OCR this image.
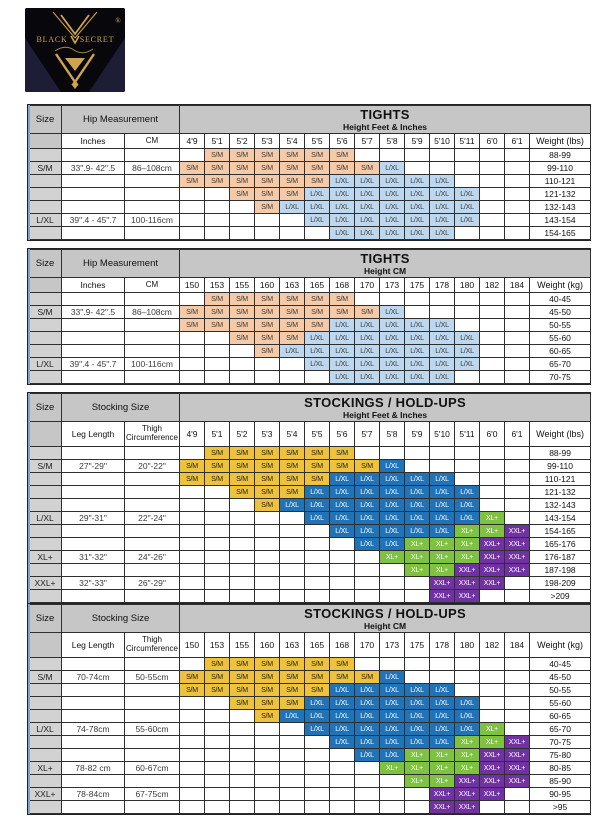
BLACK SECRET
®
Size	Hip Measurement		TIGHTS
Height Feet & Inches														

	Inches	CM	4'9	5'1	5'2	5'3	5'4	5'5	5'6	5'7	5'8	5'9	5'10	5'11	6'0	6'1	Weight (lbs)
				S/M	S/M	S/M	S/M	S/M	S/M								88-99
S/M	33".9- 42".5	86–108cm	S/M	S/M	S/M	S/M	S/M	S/M	S/M	S/M	L/XL						99-110
			S/M	S/M	S/M	S/M	S/M	S/M	L/XL	L/XL	L/XL	L/XL	L/XL				110-121
					S/M	S/M	S/M	L/XL	L/XL	L/XL	L/XL	L/XL	L/XL	L/XL			121-132
						S/M	L/XL	L/XL	L/XL	L/XL	L/XL	L/XL	L/XL	L/XL			132-143
L/XL	39".4 - 45".7	100-116cm						L/XL	L/XL	L/XL	L/XL	L/XL	L/XL	L/XL			143-154
									L/XL	L/XL	L/XL	L/XL	L/XL				154-165
Size	Hip Measurement		TIGHTS
Height CM														

	Inches	CM	150	153	155	160	163	165	168	170	173	175	178	180	182	184	Weight (kg)
				S/M	S/M	S/M	S/M	S/M	S/M								40-45
S/M	33".9- 42".5	86–108cm	S/M	S/M	S/M	S/M	S/M	S/M	S/M	S/M	L/XL						45-50
			S/M	S/M	S/M	S/M	S/M	S/M	L/XL	L/XL	L/XL	L/XL	L/XL				50-55
					S/M	S/M	S/M	L/XL	L/XL	L/XL	L/XL	L/XL	L/XL	L/XL			55-60
						S/M	L/XL	L/XL	L/XL	L/XL	L/XL	L/XL	L/XL	L/XL			60-65
L/XL	39".4 - 45".7	100-116cm						L/XL	L/XL	L/XL	L/XL	L/XL	L/XL	L/XL			65-70
									L/XL	L/XL	L/XL	L/XL	L/XL				70-75
Size	Stocking Size		STOCKINGS / HOLD-UPS
Height Feet & Inches														

	Leg Length	Thigh Circumference	4'9	5'1	5'2	5'3	5'4	5'5	5'6	5'7	5'8	5'9	5'10	5'11	6'0	6'1	Weight (lbs)
				S/M	S/M	S/M	S/M	S/M	S/M								88-99
S/M	27"-29"	20"-22"	S/M	S/M	S/M	S/M	S/M	S/M	S/M	S/M	L/XL						99-110
			S/M	S/M	S/M	S/M	S/M	S/M	L/XL	L/XL	L/XL	L/XL	L/XL				110-121
					S/M	S/M	S/M	L/XL	L/XL	L/XL	L/XL	L/XL	L/XL	L/XL			121-132
						S/M	L/XL	L/XL	L/XL	L/XL	L/XL	L/XL	L/XL	L/XL			132-143
L/XL	29"-31"	22"-24"						L/XL	L/XL	L/XL	L/XL	L/XL	L/XL	L/XL	XL+		143-154
									L/XL	L/XL	L/XL	L/XL	L/XL	XL+	XL+	XXL+	154-165
										L/XL	L/XL	XL+	XL+	XL+	XXL+	XXL+	165-176
XL+	31"-32"	24"-26"									XL+	XL+	XL+	XL+	XXL+	XXL+	176-187
												XL+	XL+	XXL+	XXL+	XXL+	187-198
XXL+	32"-33"	26"-29"											XXL+	XXL+	XXL+		198-209
													XXL+	XXL+			>209
Size	Stocking Size		STOCKINGS / HOLD-UPS
Height CM														

	Leg Length	Thigh Circumference	150	153	155	160	163	165	168	170	173	175	178	180	182	184	Weight (kg)
				S/M	S/M	S/M	S/M	S/M	S/M								40-45
S/M	70-74cm	50-55cm	S/M	S/M	S/M	S/M	S/M	S/M	S/M	S/M	L/XL						45-50
			S/M	S/M	S/M	S/M	S/M	S/M	L/XL	L/XL	L/XL	L/XL	L/XL				50-55
					S/M	S/M	S/M	L/XL	L/XL	L/XL	L/XL	L/XL	L/XL	L/XL			55-60
						S/M	L/XL	L/XL	L/XL	L/XL	L/XL	L/XL	L/XL	L/XL			60-65
L/XL	74-78cm	55-60cm						L/XL	L/XL	L/XL	L/XL	L/XL	L/XL	L/XL	XL+		65-70
									L/XL	L/XL	L/XL	L/XL	L/XL	XL+	XL+	XXL+	70-75
										L/XL	L/XL	XL+	XL+	XL+	XXL+	XXL+	75-80
XL+	78-82 cm	60-67cm									XL+	XL+	XL+	XL+	XXL+	XXL+	80-85
												XL+	XL+	XXL+	XXL+	XXL+	85-90
XXL+	78-84cm	67-75cm											XXL+	XXL+	XXL+		90-95
													XXL+	XXL+			>95
